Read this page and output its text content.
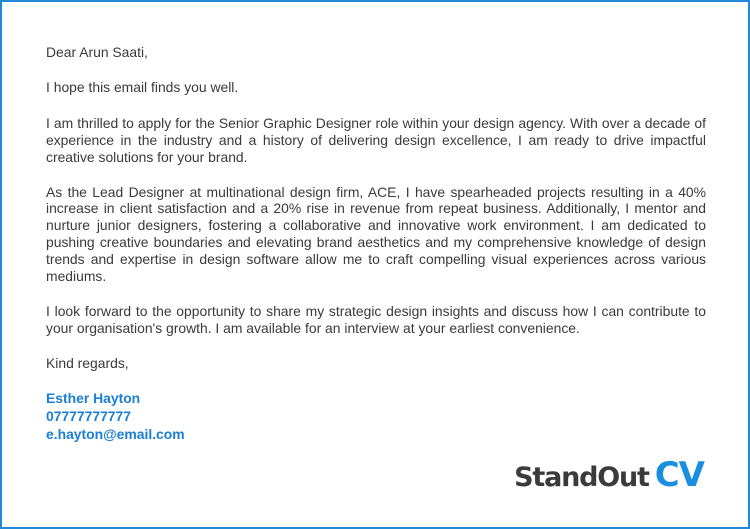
Dear Arun Saati,

I hope this email finds you well.

I am thrilled to apply for the Senior Graphic Designer role within your design agency. With over a decade of experience in the industry and a history of delivering design excellence, I am ready to drive impactful creative solutions for your brand.

As the Lead Designer at multinational design firm, ACE, I have spearheaded projects resulting in a 40% increase in client satisfaction and a 20% rise in revenue from repeat business. Additionally, I mentor and nurture junior designers, fostering a collaborative and innovative work environment. I am dedicated to pushing creative boundaries and elevating brand aesthetics and my comprehensive knowledge of design trends and expertise in design software allow me to craft compelling visual experiences across various mediums.

I look forward to the opportunity to share my strategic design insights and discuss how I can contribute to your organisation's growth. I am available for an interview at your earliest convenience.

Kind regards,

Esther Hayton
07777777777
e.hayton@email.com
StandOut CV
